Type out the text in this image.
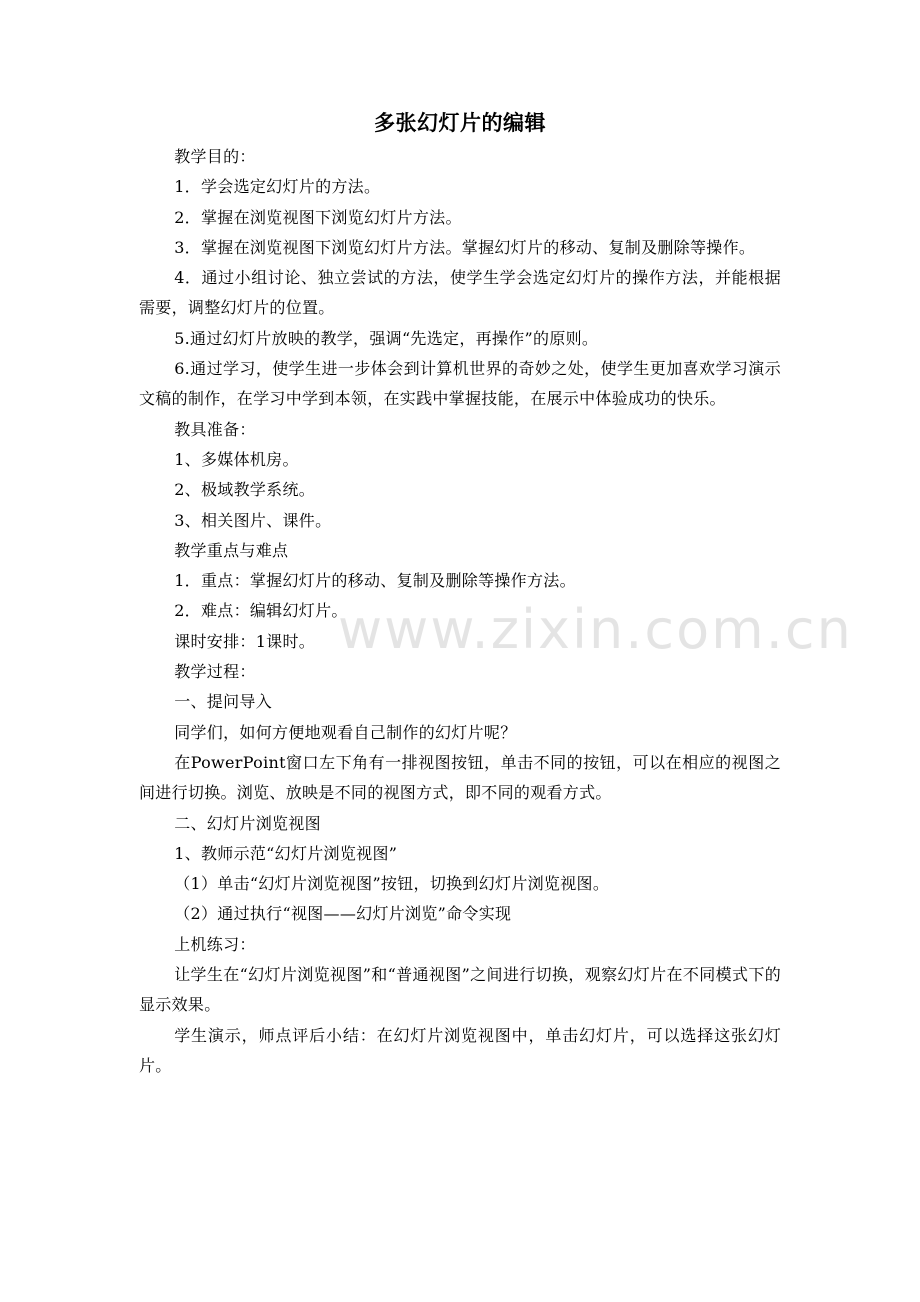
多张幻灯片的编辑

教学目的：

1．学会选定幻灯片的方法。

2．掌握在浏览视图下浏览幻灯片方法。

3．掌握在浏览视图下浏览幻灯片方法。掌握幻灯片的移动、复制及删除等操作。

4．通过小组讨论、独立尝试的方法，使学生学会选定幻灯片的操作方法，并能根据需要，调整幻灯片的位置。

5.通过幻灯片放映的教学，强调“先选定，再操作”的原则。

6.通过学习，使学生进一步体会到计算机世界的奇妙之处，使学生更加喜欢学习演示文稿的制作，在学习中学到本领，在实践中掌握技能，在展示中体验成功的快乐。

教具准备：

1、多媒体机房。

2、极域教学系统。

3、相关图片、课件。

教学重点与难点

1．重点：掌握幻灯片的移动、复制及删除等操作方法。

2．难点：编辑幻灯片。

课时安排：1课时。

教学过程：

一、提问导入

同学们，如何方便地观看自己制作的幻灯片呢？

在PowerPoint窗口左下角有一排视图按钮，单击不同的按钮，可以在相应的视图之间进行切换。浏览、放映是不同的视图方式，即不同的观看方式。

二、幻灯片浏览视图

1、教师示范“幻灯片浏览视图”

（1）单击“幻灯片浏览视图”按钮，切换到幻灯片浏览视图。

（2）通过执行“视图——幻灯片浏览”命令实现

上机练习：

让学生在“幻灯片浏览视图”和“普通视图”之间进行切换，观察幻灯片在不同模式下的显示效果。

学生演示，师点评后小结：在幻灯片浏览视图中，单击幻灯片，可以选择这张幻灯片。

www.zixin.com.cn
